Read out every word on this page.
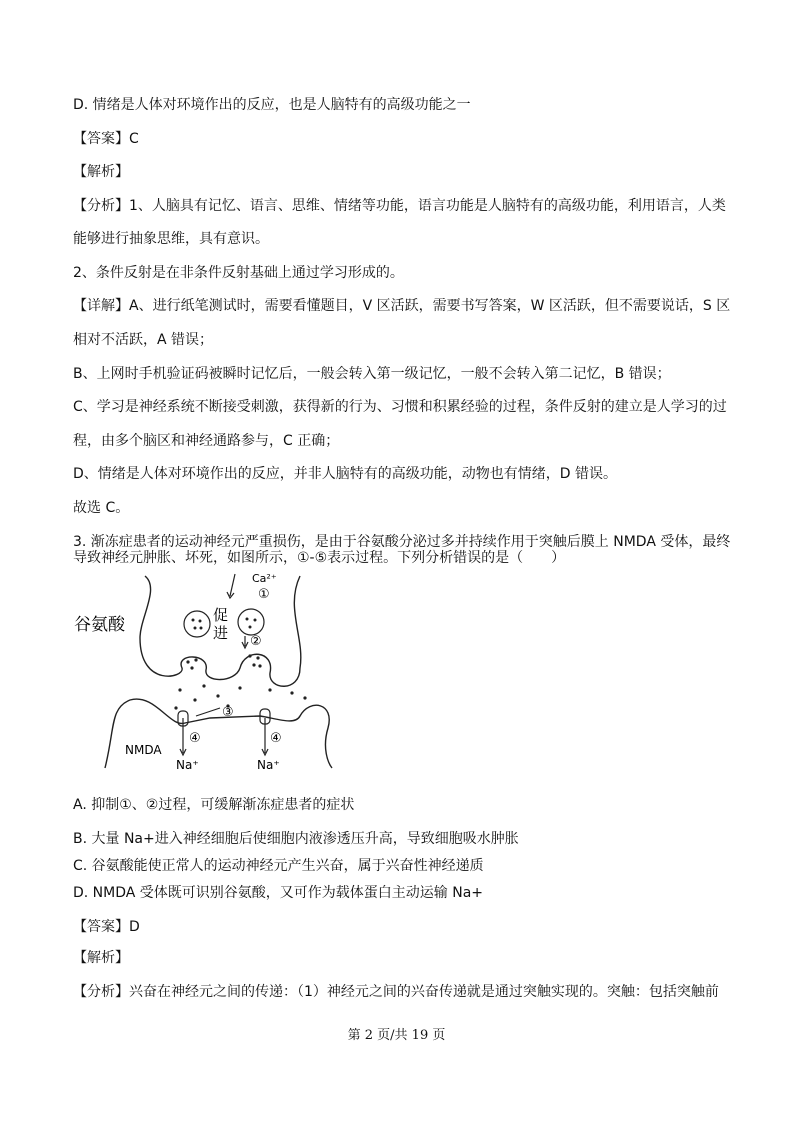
D. 情绪是人体对环境作出的反应，也是人脑特有的高级功能之一
【答案】C
【解析】
【分析】1、人脑具有记忆、语言、思维、情绪等功能，语言功能是人脑特有的高级功能，利用语言，人类
能够进行抽象思维，具有意识。
2、条件反射是在非条件反射基础上通过学习形成的。
【详解】A、进行纸笔测试时，需要看懂题目，V 区活跃，需要书写答案，W 区活跃，但不需要说话，S 区
相对不活跃，A 错误；
B、上网时手机验证码被瞬时记忆后，一般会转入第一级记忆，一般不会转入第二记忆，B 错误；
C、学习是神经系统不断接受刺激，获得新的行为、习惯和积累经验的过程，条件反射的建立是人学习的过
程，由多个脑区和神经通路参与，C 正确；
D、情绪是人体对环境作出的反应，并非人脑特有的高级功能，动物也有情绪，D 错误。
故选 C。
3. 渐冻症患者的运动神经元严重损伤，是由于谷氨酸分泌过多并持续作用于突触后膜上 NMDA 受体，最终
导致神经元肿胀、坏死，如图所示，①-⑤表示过程。下列分析错误的是（　　）
谷氨酸	促
进
Ca²⁺
①
②
③
④	④
NMDA
Na⁺	Na⁺
A. 抑制①、②过程，可缓解渐冻症患者的症状
B. 大量 Na+进入神经细胞后使细胞内液渗透压升高，导致细胞吸水肿胀
C. 谷氨酸能使正常人的运动神经元产生兴奋，属于兴奋性神经递质
D. NMDA 受体既可识别谷氨酸，又可作为载体蛋白主动运输 Na+
【答案】D
【解析】
【分析】兴奋在神经元之间的传递：（1）神经元之间的兴奋传递就是通过突触实现的。突触：包括突触前
第 2 页/共 19 页
